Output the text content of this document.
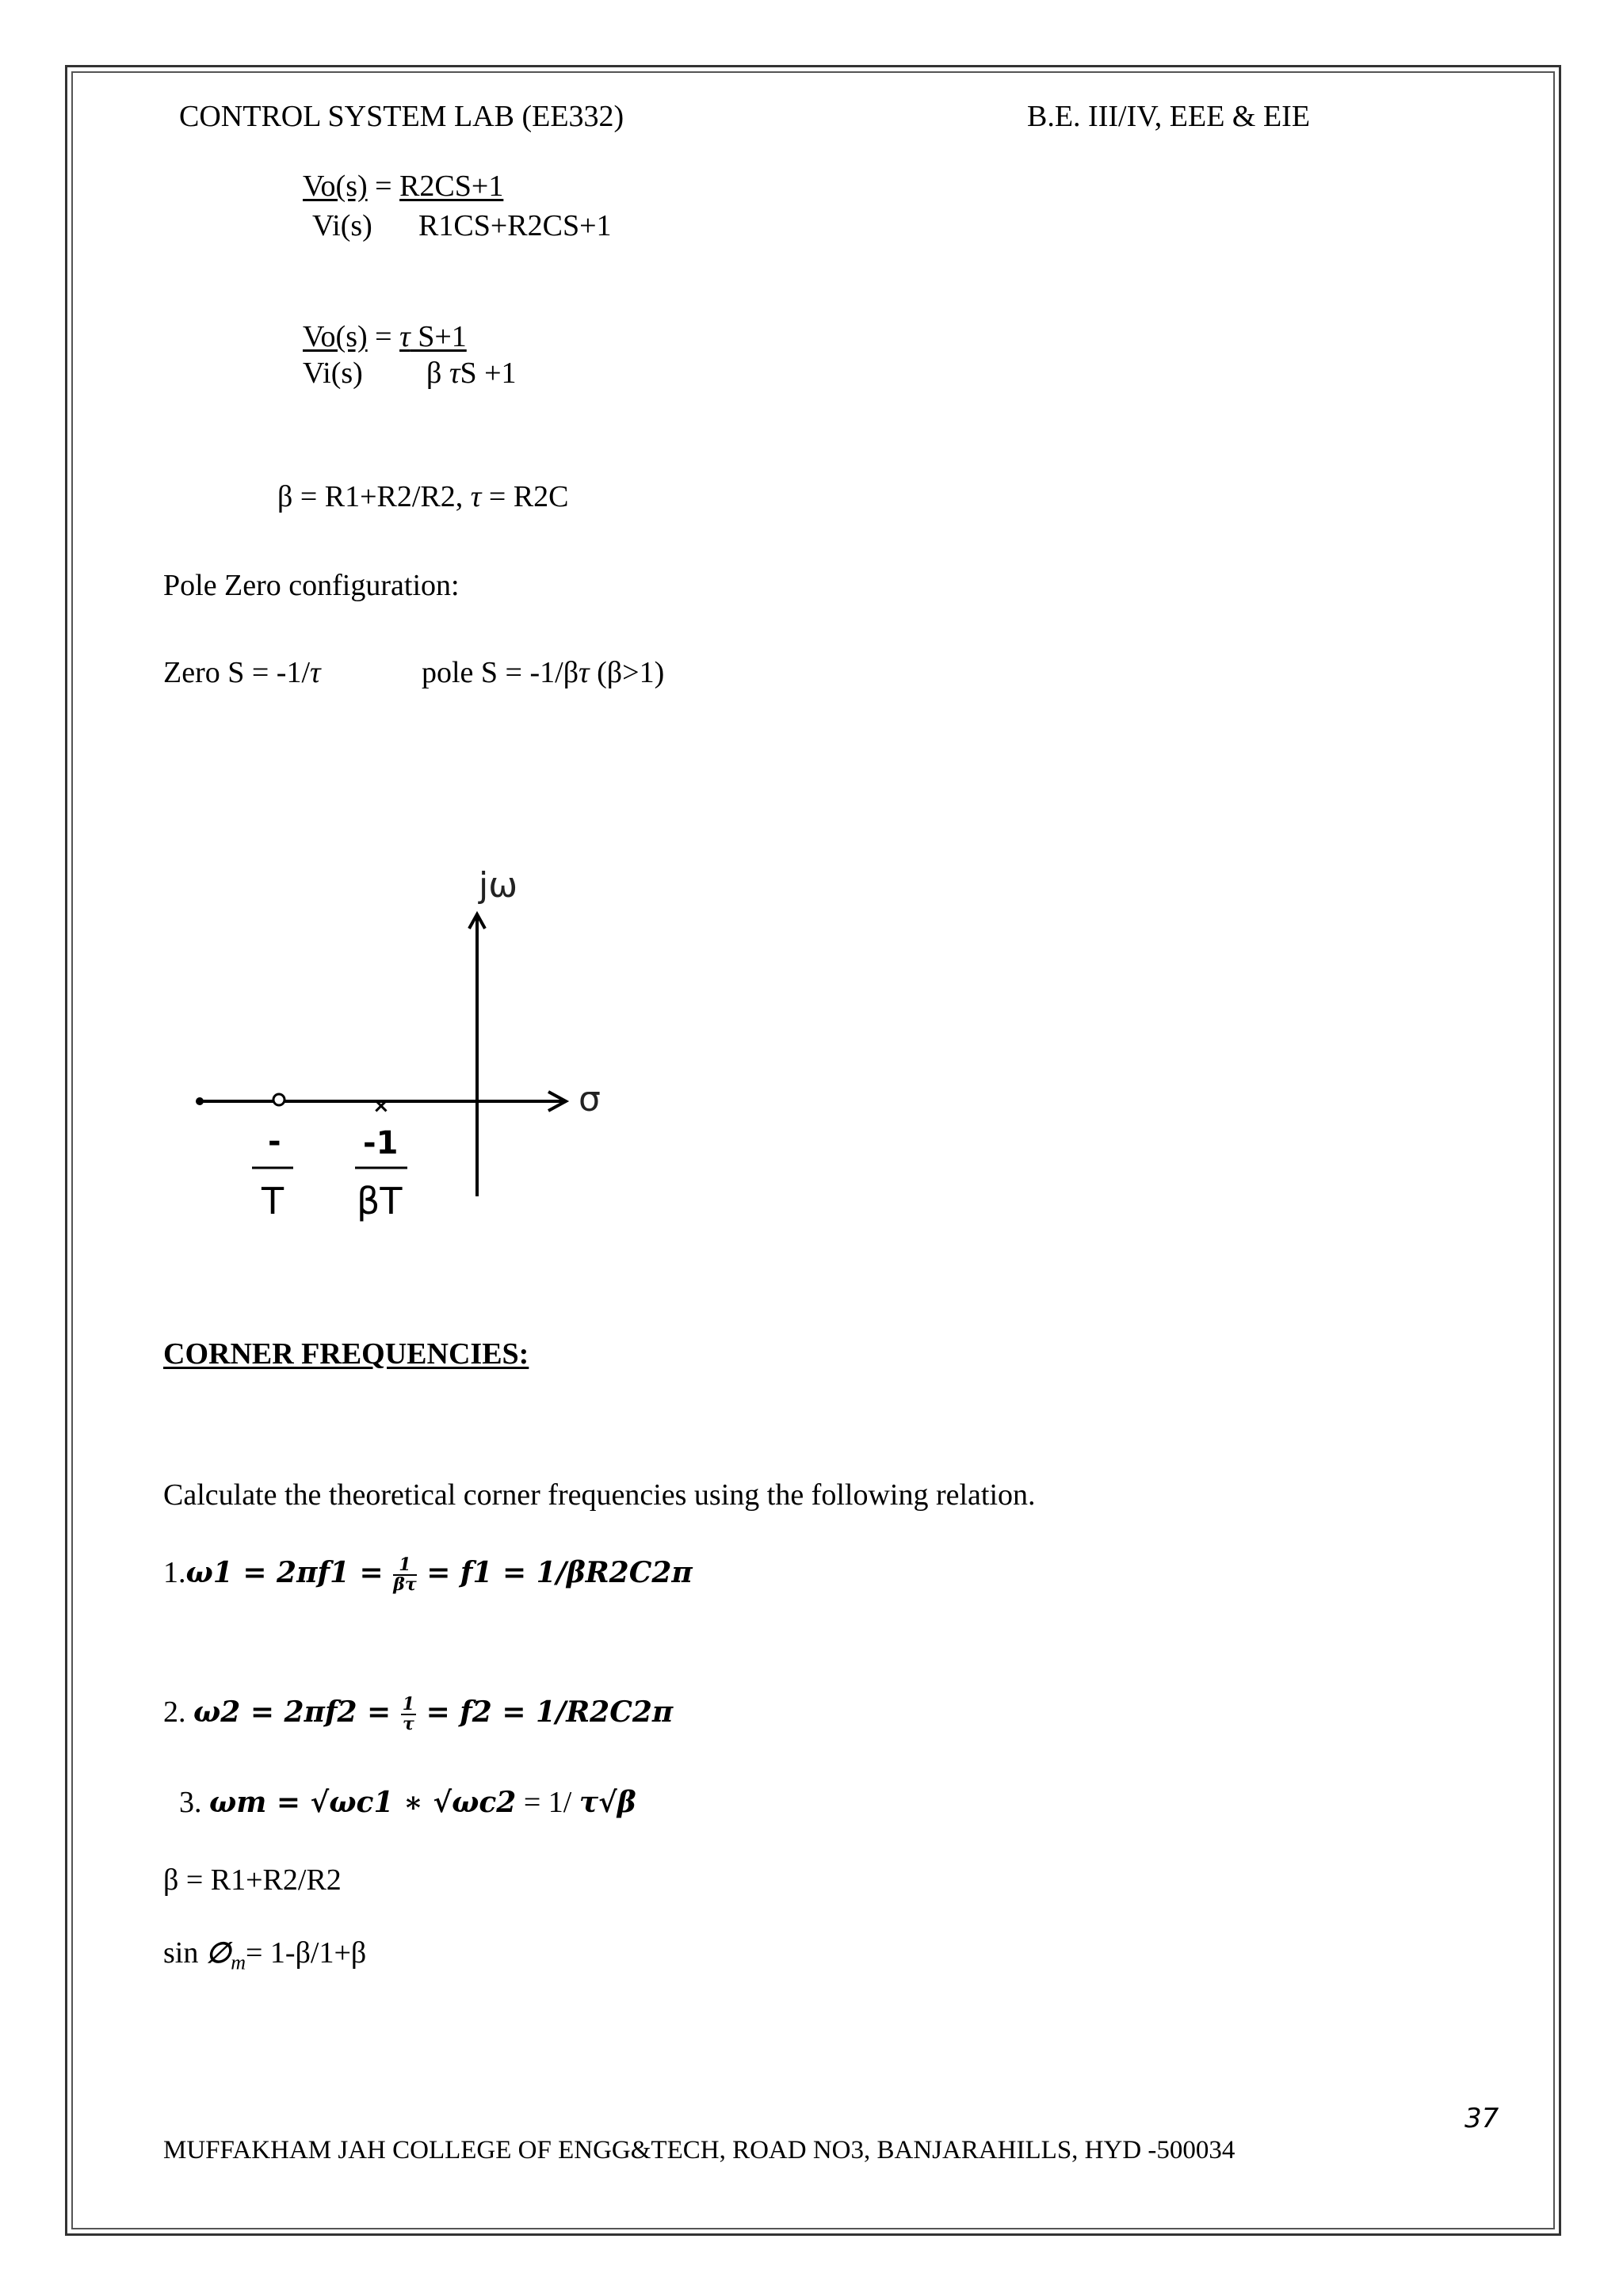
CONTROL SYSTEM LAB (EE332)	B.E. III/IV, EEE & EIE
Vo(s) = R2CS+1
Vi(s) R1CS+R2CS+1
Vo(s) = τ S+1
Vi(s) β τS +1
β = R1+R2/R2, τ = R2C
Pole Zero configuration:
Zero S = -1/τ	pole S = -1/βτ (β>1)
jω
σ
-
T
×
-1
βT
CORNER FREQUENCIES:
Calculate the theoretical corner frequencies using the following relation.
$1.\omega 1 = 2\pi f1 = \frac{1}{\beta\tau} = f1 = 1/\beta R2C2\pi$
2. $\omega 2 = 2\pi f2 = \frac{1}{\tau} = f2 = 1/R2C2\pi$
3. ωm = √ωc1 ∗ √ωc2 = 1/ τ√β
β = R1+R2/R2
$\sin \emptyset_m= 1-\beta/1+\beta$
37
MUFFAKHAM JAH COLLEGE OF ENGG&TECH, ROAD NO3, BANJARAHILLS, HYD -500034
